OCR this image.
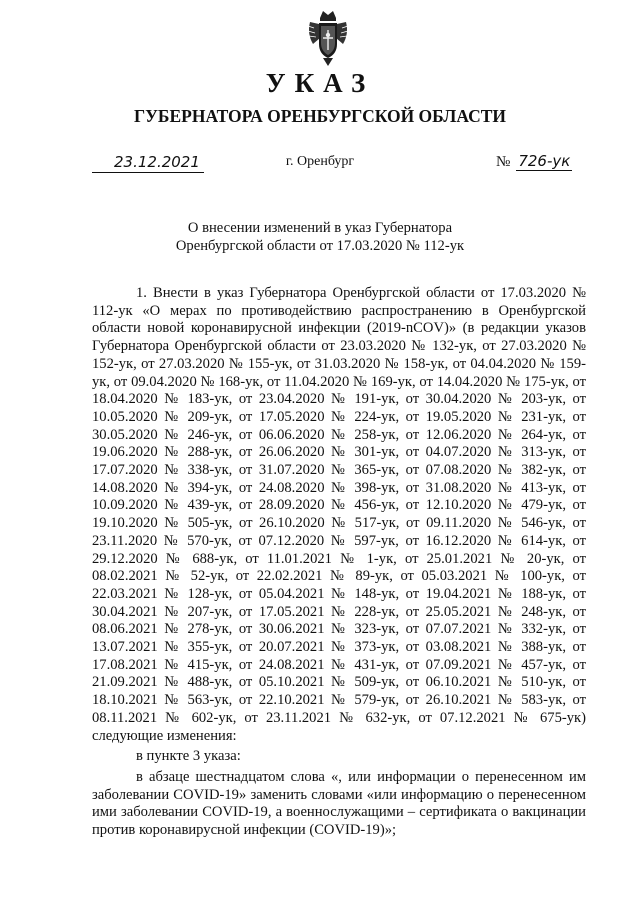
УКАЗ
ГУБЕРНАТОРА ОРЕНБУРГСКОЙ ОБЛАСТИ
23.12.2021	г. Оренбург	№ 726-ук
О внесении изменений в указ Губернатора
Оренбургской области от 17.03.2020 № 112-ук

1. Внести в указ Губернатора Оренбургской области от 17.03.2020 № 112-ук «О мерах по противодействию распространению в Оренбургской области новой коронавирусной инфекции (2019-nCOV)» (в редакции указов Губернатора Оренбургской области от 23.03.2020 № 132-ук, от 27.03.2020 № 152-ук, от 27.03.2020 № 155-ук, от 31.03.2020 № 158-ук, от 04.04.2020 № 159-ук, от 09.04.2020 № 168-ук, от 11.04.2020 № 169-ук, от 14.04.2020 № 175-ук, от 18.04.2020 № 183-ук, от 23.04.2020 № 191-ук, от 30.04.2020 № 203-ук, от 10.05.2020 № 209-ук, от 17.05.2020 № 224-ук, от 19.05.2020 № 231-ук, от 30.05.2020 № 246-ук, от 06.06.2020 № 258-ук, от 12.06.2020 № 264-ук, от 19.06.2020 № 288-ук, от 26.06.2020 № 301-ук, от 04.07.2020 № 313-ук, от 17.07.2020 № 338-ук, от 31.07.2020 № 365-ук, от 07.08.2020 № 382-ук, от 14.08.2020 № 394-ук, от 24.08.2020 № 398-ук, от 31.08.2020 № 413-ук, от 10.09.2020 № 439-ук, от 28.09.2020 № 456-ук, от 12.10.2020 № 479-ук, от 19.10.2020 № 505-ук, от 26.10.2020 № 517-ук, от 09.11.2020 № 546-ук, от 23.11.2020 № 570-ук, от 07.12.2020 № 597-ук, от 16.12.2020 № 614-ук, от 29.12.2020 № 688-ук, от 11.01.2021 № 1-ук, от 25.01.2021 № 20-ук, от 08.02.2021 № 52-ук, от 22.02.2021 № 89-ук, от 05.03.2021 № 100-ук, от 22.03.2021 № 128-ук, от 05.04.2021 № 148-ук, от 19.04.2021 № 188-ук, от 30.04.2021 № 207-ук, от 17.05.2021 № 228-ук, от 25.05.2021 № 248-ук, от 08.06.2021 № 278-ук, от 30.06.2021 № 323-ук, от 07.07.2021 № 332-ук, от 13.07.2021 № 355-ук, от 20.07.2021 № 373-ук, от 03.08.2021 № 388-ук, от 17.08.2021 № 415-ук, от 24.08.2021 № 431-ук, от 07.09.2021 № 457-ук, от 21.09.2021 № 488-ук, от 05.10.2021 № 509-ук, от 06.10.2021 № 510-ук, от 18.10.2021 № 563-ук, от 22.10.2021 № 579-ук, от 26.10.2021 № 583-ук, от 08.11.2021 № 602-ук, от 23.11.2021 № 632-ук, от 07.12.2021 № 675-ук) следующие изменения:

в пункте 3 указа:

в абзаце шестнадцатом слова «, или информации о перенесенном им заболевании COVID-19» заменить словами «или информацию о перенесенном ими заболевании COVID-19, а военнослужащими – сертификата о вакцинации против коронавирусной инфекции (COVID-19)»;
